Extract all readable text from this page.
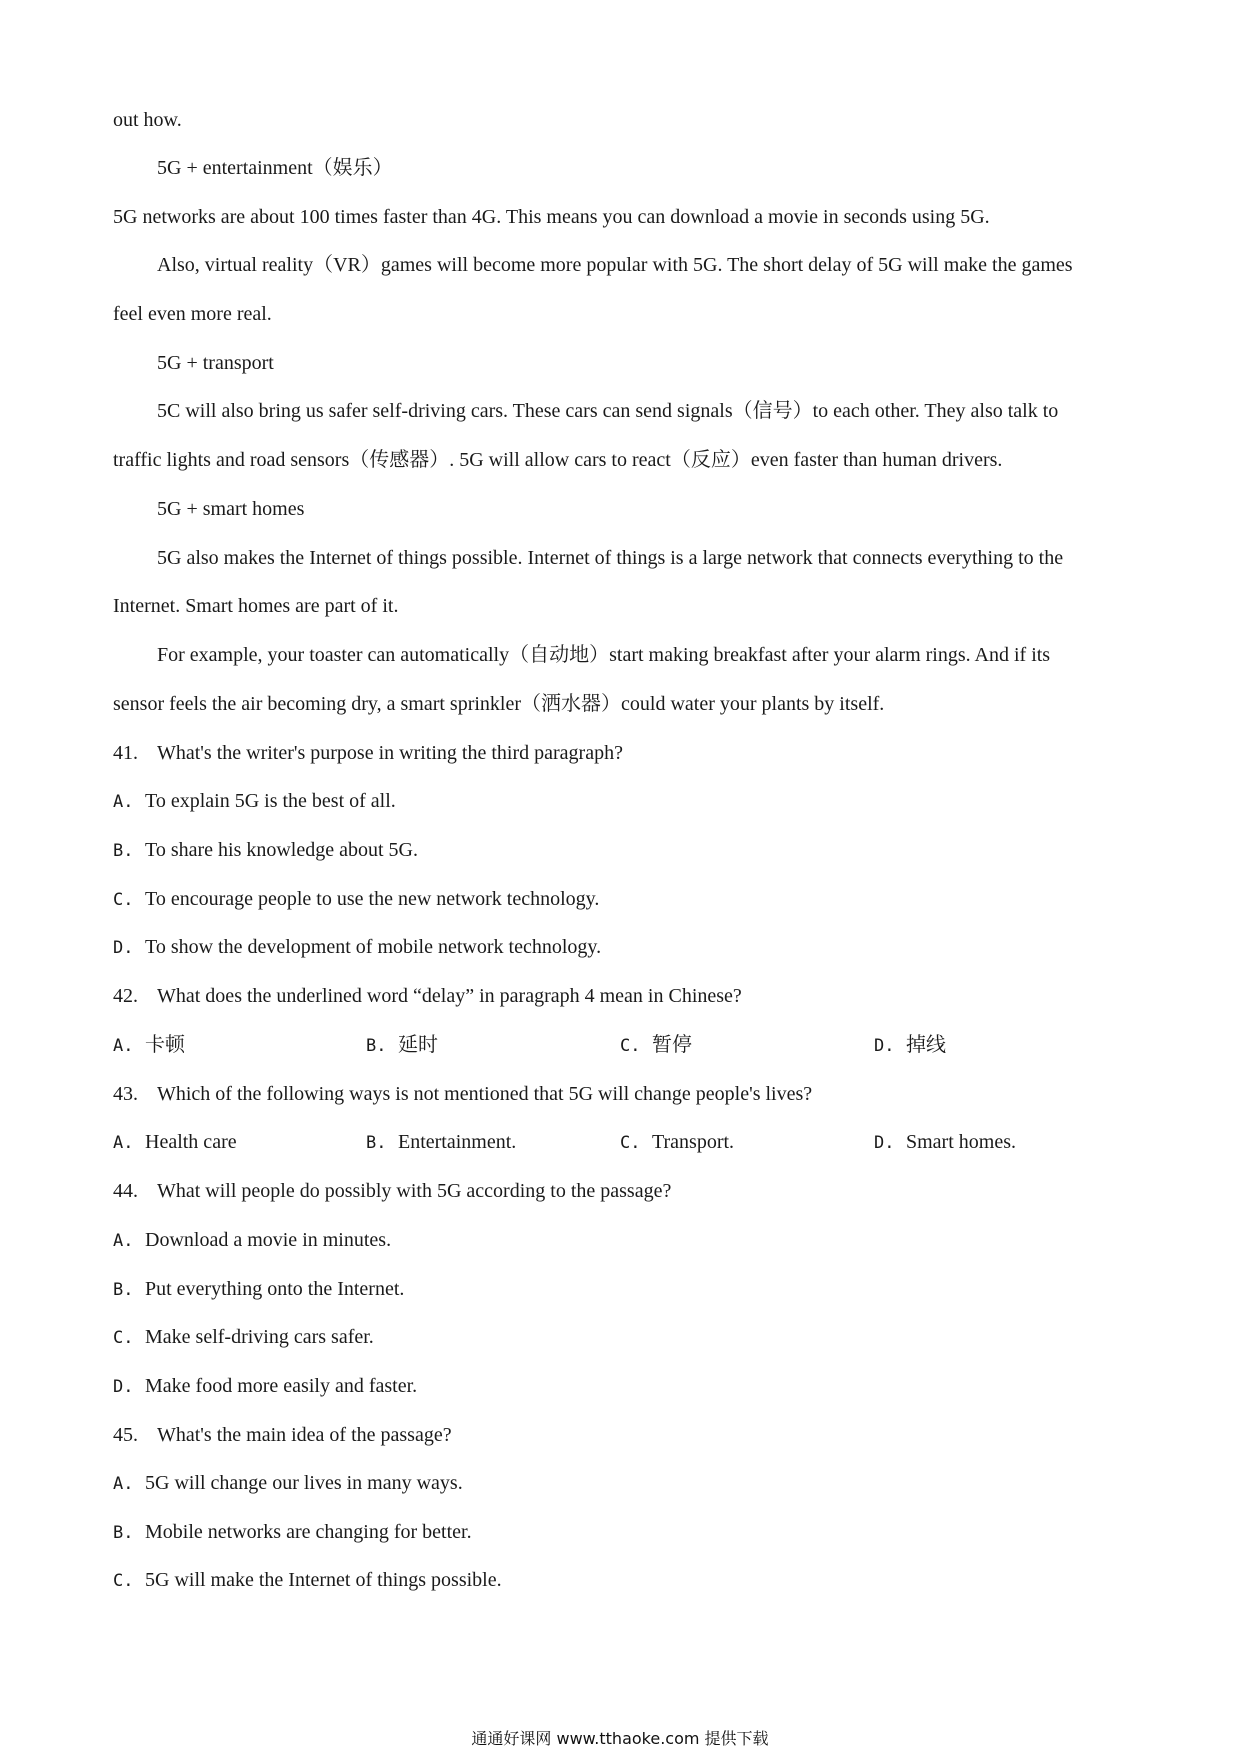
out how.
5G + entertainment（娱乐）
5G networks are about 100 times faster than 4G. This means you can download a movie in seconds using 5G.
Also, virtual reality（VR）games will become more popular with 5G. The short delay of 5G will make the games
feel even more real.
5G + transport
5C will also bring us safer self-driving cars. These cars can send signals（信号）to each other. They also talk to
traffic lights and road sensors（传感器）. 5G will allow cars to react（反应）even faster than human drivers.
5G + smart homes
5G also makes the Internet of things possible. Internet of things is a large network that connects everything to the
Internet. Smart homes are part of it.
For example, your toaster can automatically（自动地）start making breakfast after your alarm rings. And if its
sensor feels the air becoming dry, a smart sprinkler（洒水器）could water your plants by itself.
41. What's the writer's purpose in writing the third paragraph?
A. To explain 5G is the best of all.
B. To share his knowledge about 5G.
C. To encourage people to use the new network technology.
D. To show the development of mobile network technology.
42. What does the underlined word “delay” in paragraph 4 mean in Chinese?
A. 卡顿	B. 延时	C. 暂停	D. 掉线
43. Which of the following ways is not mentioned that 5G will change people's lives?
A. Health care	B. Entertainment.	C. Transport.	D. Smart homes.
44. What will people do possibly with 5G according to the passage?
A. Download a movie in minutes.
B. Put everything onto the Internet.
C. Make self-driving cars safer.
D. Make food more easily and faster.
45. What's the main idea of the passage?
A. 5G will change our lives in many ways.
B. Mobile networks are changing for better.
C. 5G will make the Internet of things possible.
通通好课网 www.tthaoke.com 提供下载
